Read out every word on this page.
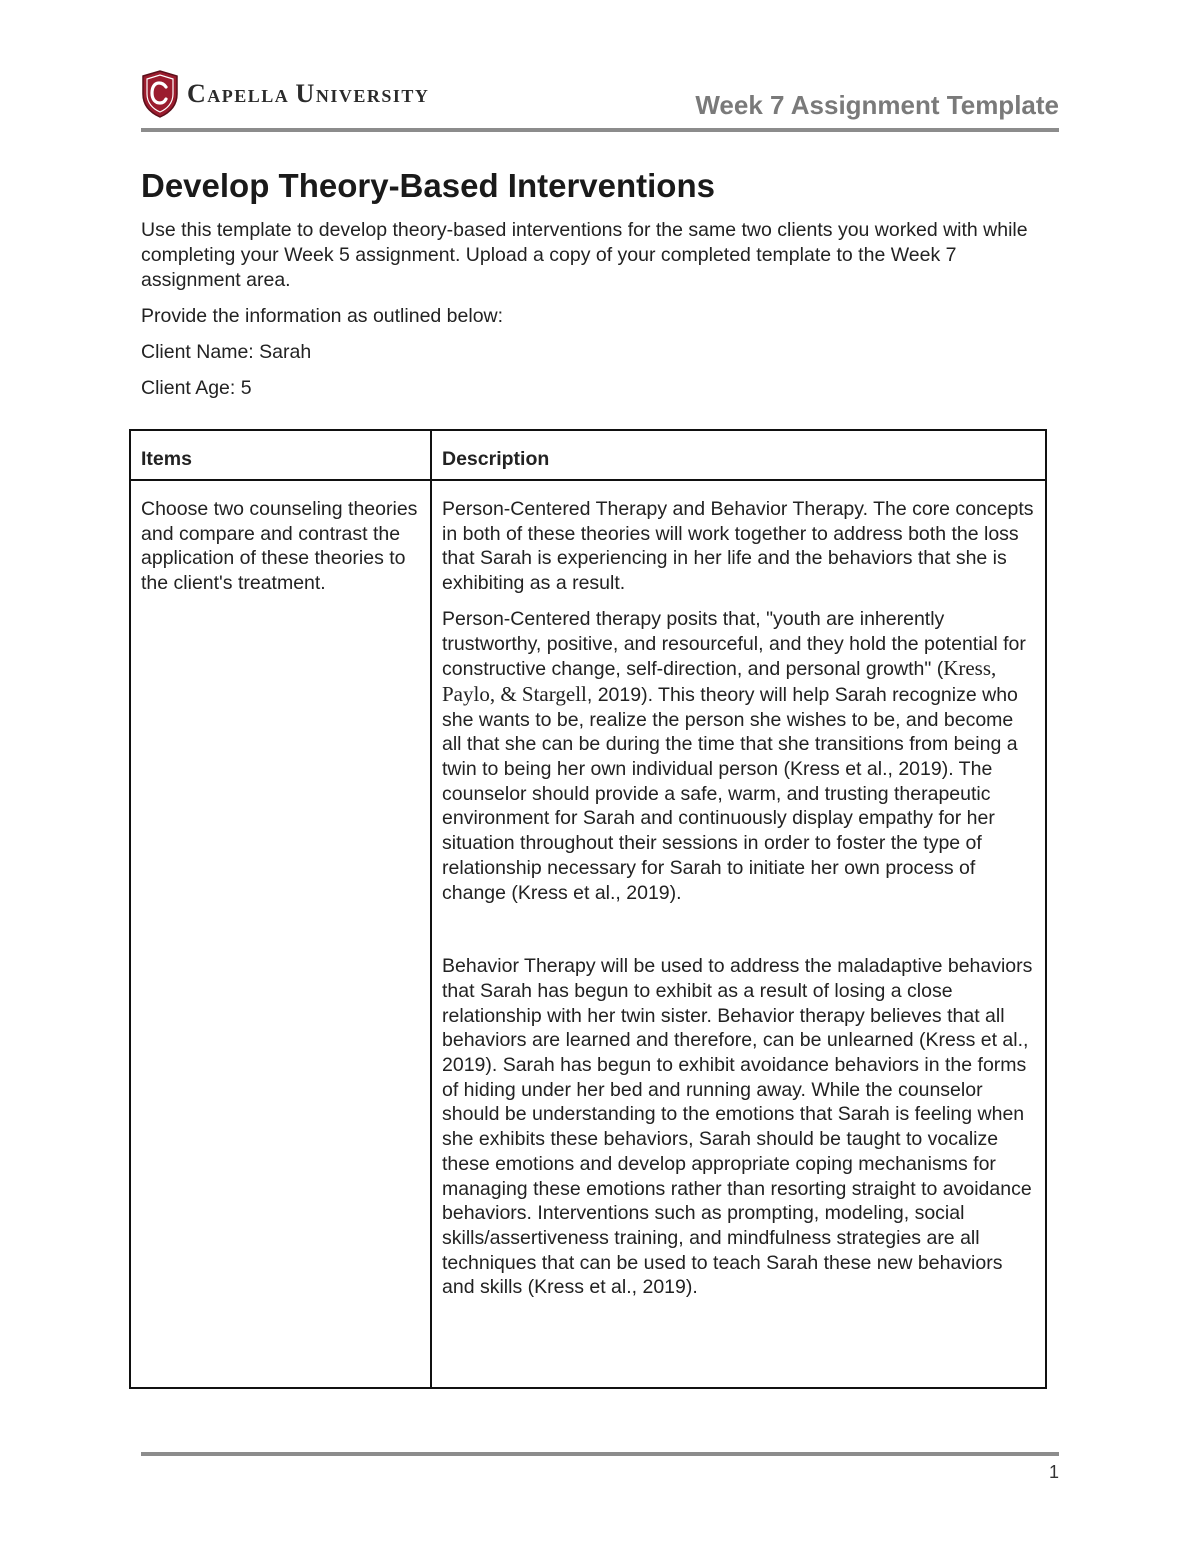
Capella University	Week 7 Assignment Template
Develop Theory-Based Interventions

Use this template to develop theory-based interventions for the same two clients you worked with while completing your Week 5 assignment. Upload a copy of your completed template to the Week 7 assignment area.

Provide the information as outlined below:

Client Name: Sarah

Client Age: 5

Items	Description
Choose two counseling theories and compare and contrast the application of these theories to the client's treatment.	Person-Centered Therapy and Behavior Therapy. The core concepts in both of these theories will work together to address both the loss that Sarah is experiencing in her life and the behaviors that she is exhibiting as a result.

Person-Centered therapy posits that, "youth are inherently trustworthy, positive, and resourceful, and they hold the potential for constructive change, self-direction, and personal growth" (Kress, Paylo, & Stargell, 2019). This theory will help Sarah recognize who she wants to be, realize the person she wishes to be, and become all that she can be during the time that she transitions from being a twin to being her own individual person (Kress et al., 2019). The counselor should provide a safe, warm, and trusting therapeutic environment for Sarah and continuously display empathy for her situation throughout their sessions in order to foster the type of relationship necessary for Sarah to initiate her own process of change (Kress et al., 2019).

Behavior Therapy will be used to address the maladaptive behaviors that Sarah has begun to exhibit as a result of losing a close relationship with her twin sister. Behavior therapy believes that all behaviors are learned and therefore, can be unlearned (Kress et al., 2019). Sarah has begun to exhibit avoidance behaviors in the forms of hiding under her bed and running away. While the counselor should be understanding to the emotions that Sarah is feeling when she exhibits these behaviors, Sarah should be taught to vocalize these emotions and develop appropriate coping mechanisms for managing these emotions rather than resorting straight to avoidance behaviors. Interventions such as prompting, modeling, social skills/assertiveness training, and mindfulness strategies are all techniques that can be used to teach Sarah these new behaviors and skills (Kress et al., 2019).

1
